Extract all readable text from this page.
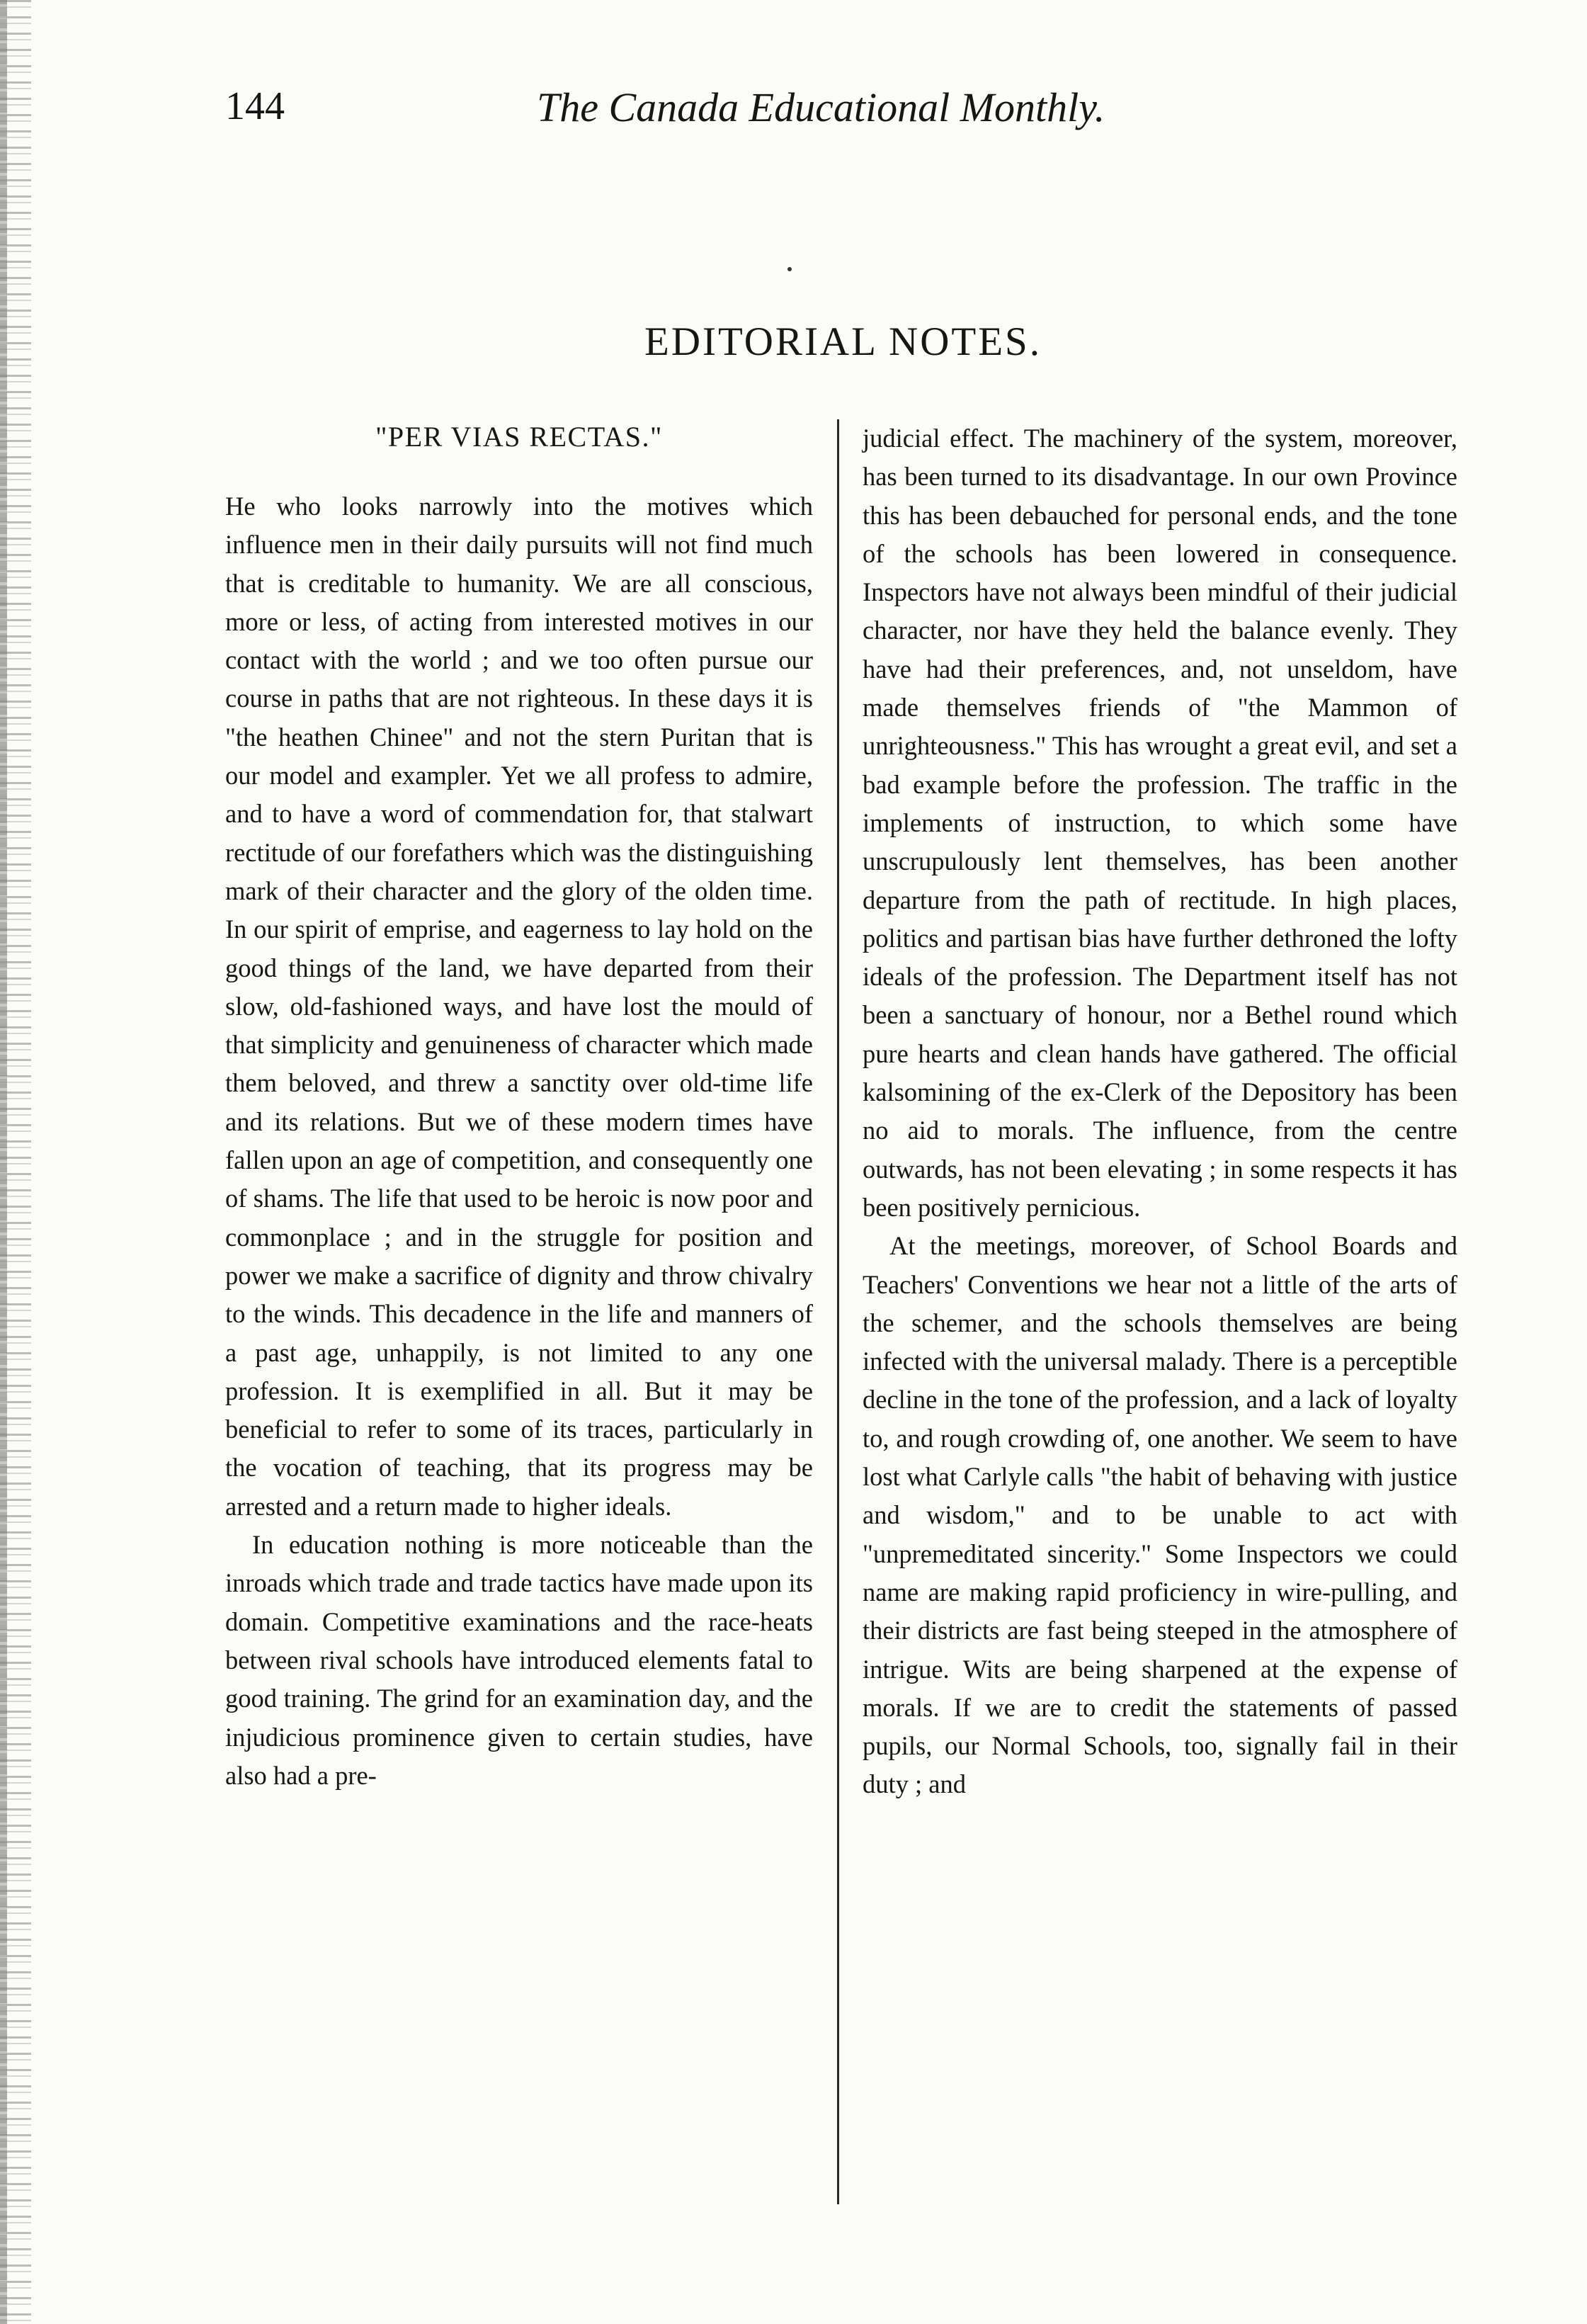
144	The Canada Educational Monthly.
EDITORIAL NOTES.
"PER VIAS RECTAS."

He who looks narrowly into the motives which influence men in their daily pursuits will not find much that is creditable to humanity. We are all conscious, more or less, of acting from interested motives in our contact with the world ; and we too often pursue our course in paths that are not righteous. In these days it is "the heathen Chinee" and not the stern Puritan that is our model and exampler. Yet we all profess to admire, and to have a word of commendation for, that stalwart rectitude of our forefathers which was the distinguishing mark of their character and the glory of the olden time. In our spirit of emprise, and eagerness to lay hold on the good things of the land, we have departed from their slow, old-fashioned ways, and have lost the mould of that simplicity and genuineness of character which made them beloved, and threw a sanctity over old-time life and its relations. But we of these modern times have fallen upon an age of competition, and consequently one of shams. The life that used to be heroic is now poor and commonplace ; and in the struggle for position and power we make a sacrifice of dignity and throw chivalry to the winds. This decadence in the life and manners of a past age, unhappily, is not limited to any one profession. It is exemplified in all. But it may be beneficial to refer to some of its traces, particularly in the vocation of teaching, that its progress may be arrested and a return made to higher ideals.

In education nothing is more noticeable than the inroads which trade and trade tactics have made upon its domain. Competitive examinations and the race-heats between rival schools have introduced elements fatal to good training. The grind for an examination day, and the injudicious prominence given to certain studies, have also had a pre-

judicial effect. The machinery of the system, moreover, has been turned to its disadvantage. In our own Province this has been debauched for personal ends, and the tone of the schools has been lowered in consequence. Inspectors have not always been mindful of their judicial character, nor have they held the balance evenly. They have had their preferences, and, not unseldom, have made themselves friends of "the Mammon of unrighteousness." This has wrought a great evil, and set a bad example before the profession. The traffic in the implements of instruction, to which some have unscrupulously lent themselves, has been another departure from the path of rectitude. In high places, politics and partisan bias have further dethroned the lofty ideals of the profession. The Department itself has not been a sanctuary of honour, nor a Bethel round which pure hearts and clean hands have gathered. The official kalsomining of the ex-Clerk of the Depository has been no aid to morals. The influence, from the centre outwards, has not been elevating ; in some respects it has been positively pernicious.

At the meetings, moreover, of School Boards and Teachers' Conventions we hear not a little of the arts of the schemer, and the schools themselves are being infected with the universal malady. There is a perceptible decline in the tone of the profession, and a lack of loyalty to, and rough crowding of, one another. We seem to have lost what Carlyle calls "the habit of behaving with justice and wisdom," and to be unable to act with "unpremeditated sincerity." Some Inspectors we could name are making rapid proficiency in wire-pulling, and their districts are fast being steeped in the atmosphere of intrigue. Wits are being sharpened at the expense of morals. If we are to credit the statements of passed pupils, our Normal Schools, too, signally fail in their duty ; and
